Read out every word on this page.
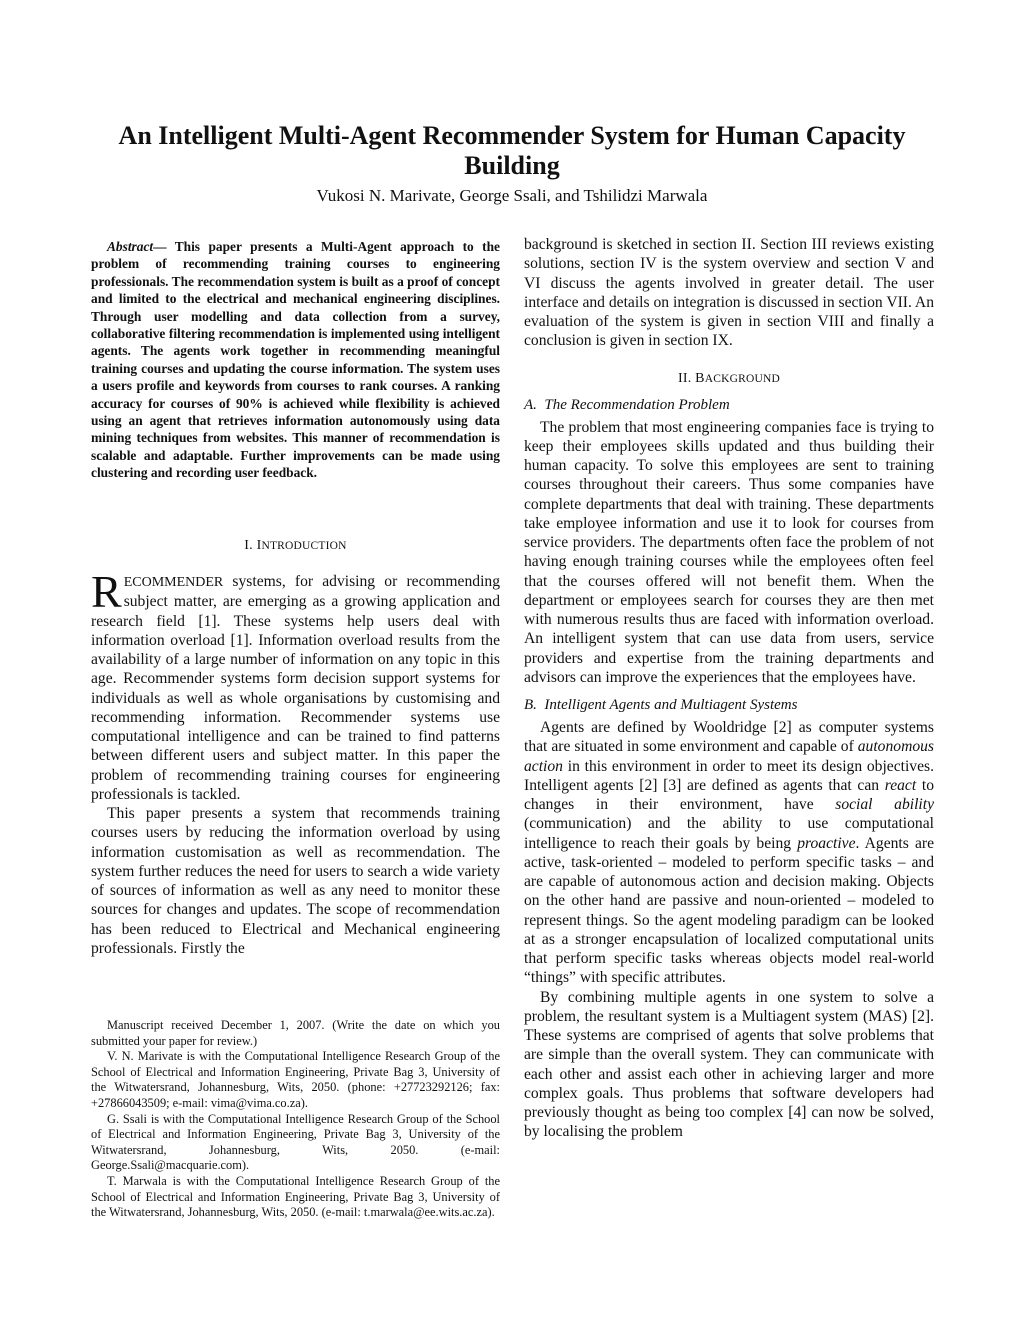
An Intelligent Multi-Agent Recommender System for Human Capacity Building
Vukosi N. Marivate, George Ssali, and Tshilidzi Marwala
Abstract— This paper presents a Multi-Agent approach to the problem of recommending training courses to engineering professionals. The recommendation system is built as a proof of concept and limited to the electrical and mechanical engineering disciplines. Through user modelling and data collection from a survey, collaborative filtering recommendation is implemented using intelligent agents. The agents work together in recommending meaningful training courses and updating the course information. The system uses a users profile and keywords from courses to rank courses. A ranking accuracy for courses of 90% is achieved while flexibility is achieved using an agent that retrieves information autonomously using data mining techniques from websites. This manner of recommendation is scalable and adaptable. Further improvements can be made using clustering and recording user feedback.
I. INTRODUCTION
RECOMMENDER systems, for advising or recommending subject matter, are emerging as a growing application and research field [1]. These systems help users deal with information overload [1]. Information overload results from the availability of a large number of information on any topic in this age. Recommender systems form decision support systems for individuals as well as whole organisations by customising and recommending information. Recommender systems use computational intelligence and can be trained to find patterns between different users and subject matter. In this paper the problem of recommending training courses for engineering professionals is tackled.

This paper presents a system that recommends training courses users by reducing the information overload by using information customisation as well as recommendation. The system further reduces the need for users to search a wide variety of sources of information as well as any need to monitor these sources for changes and updates. The scope of recommendation has been reduced to Electrical and Mechanical engineering professionals. Firstly the

Manuscript received December 1, 2007. (Write the date on which you submitted your paper for review.)

V. N. Marivate is with the Computational Intelligence Research Group of the School of Electrical and Information Engineering, Private Bag 3, University of the Witwatersrand, Johannesburg, Wits, 2050. (phone: +27723292126; fax: +27866043509; e-mail: vima@vima.co.za).

G. Ssali is with the Computational Intelligence Research Group of the School of Electrical and Information Engineering, Private Bag 3, University of the Witwatersrand, Johannesburg, Wits, 2050. (e-mail: George.Ssali@macquarie.com).

T. Marwala is with the Computational Intelligence Research Group of the School of Electrical and Information Engineering, Private Bag 3, University of the Witwatersrand, Johannesburg, Wits, 2050. (e-mail: t.marwala@ee.wits.ac.za).

background is sketched in section II. Section III reviews existing solutions, section IV is the system overview and section V and VI discuss the agents involved in greater detail. The user interface and details on integration is discussed in section VII. An evaluation of the system is given in section VIII and finally a conclusion is given in section IX.

II. BACKGROUND
A. The Recommendation Problem

The problem that most engineering companies face is trying to keep their employees skills updated and thus building their human capacity. To solve this employees are sent to training courses throughout their careers. Thus some companies have complete departments that deal with training. These departments take employee information and use it to look for courses from service providers. The departments often face the problem of not having enough training courses while the employees often feel that the courses offered will not benefit them. When the department or employees search for courses they are then met with numerous results thus are faced with information overload. An intelligent system that can use data from users, service providers and expertise from the training departments and advisors can improve the experiences that the employees have.

B. Intelligent Agents and Multiagent Systems

Agents are defined by Wooldridge [2] as computer systems that are situated in some environment and capable of autonomous action in this environment in order to meet its design objectives. Intelligent agents [2] [3] are defined as agents that can react to changes in their environment, have social ability (communication) and the ability to use computational intelligence to reach their goals by being proactive. Agents are active, task-oriented – modeled to perform specific tasks – and are capable of autonomous action and decision making. Objects on the other hand are passive and noun-oriented – modeled to represent things. So the agent modeling paradigm can be looked at as a stronger encapsulation of localized computational units that perform specific tasks whereas objects model real-world “things” with specific attributes.

By combining multiple agents in one system to solve a problem, the resultant system is a Multiagent system (MAS) [2]. These systems are comprised of agents that solve problems that are simple than the overall system. They can communicate with each other and assist each other in achieving larger and more complex goals. Thus problems that software developers had previously thought as being too complex [4] can now be solved, by localising the problem
